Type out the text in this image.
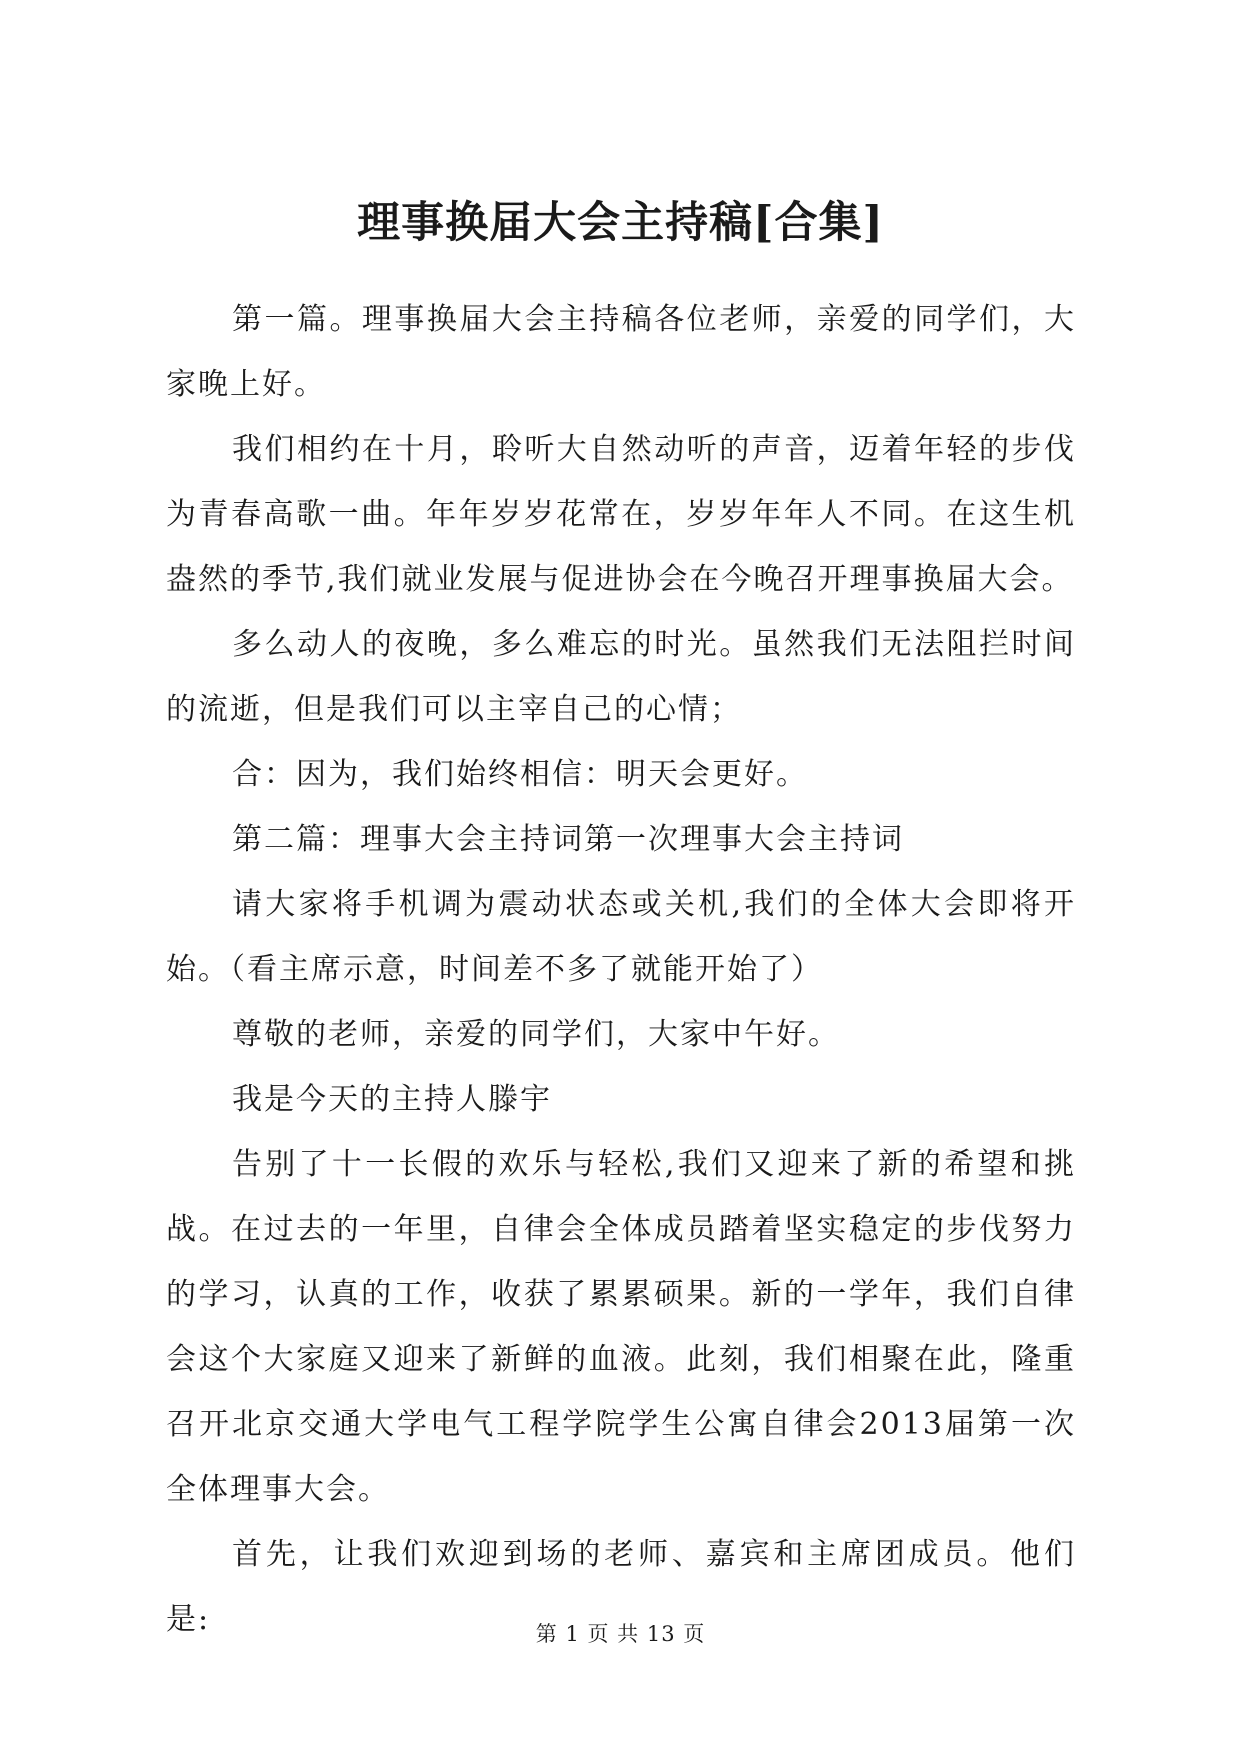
理事换届大会主持稿[合集]

第一篇。理事换届大会主持稿各位老师，亲爱的同学们，大家晚上好。

我们相约在十月，聆听大自然动听的声音，迈着年轻的步伐为青春高歌一曲。年年岁岁花常在，岁岁年年人不同。在这生机盎然的季节,我们就业发展与促进协会在今晚召开理事换届大会。

多么动人的夜晚，多么难忘的时光。虽然我们无法阻拦时间的流逝，但是我们可以主宰自己的心情；

合：因为，我们始终相信：明天会更好。

第二篇：理事大会主持词第一次理事大会主持词

请大家将手机调为震动状态或关机,我们的全体大会即将开始。（看主席示意，时间差不多了就能开始了）

尊敬的老师，亲爱的同学们，大家中午好。

我是今天的主持人滕宇

告别了十一长假的欢乐与轻松,我们又迎来了新的希望和挑战。在过去的一年里，自律会全体成员踏着坚实稳定的步伐努力的学习，认真的工作，收获了累累硕果。新的一学年，我们自律会这个大家庭又迎来了新鲜的血液。此刻，我们相聚在此，隆重召开北京交通大学电气工程学院学生公寓自律会2013届第一次全体理事大会。

首先，让我们欢迎到场的老师、嘉宾和主席团成员。他们是:	第 1 页 共 13 页
